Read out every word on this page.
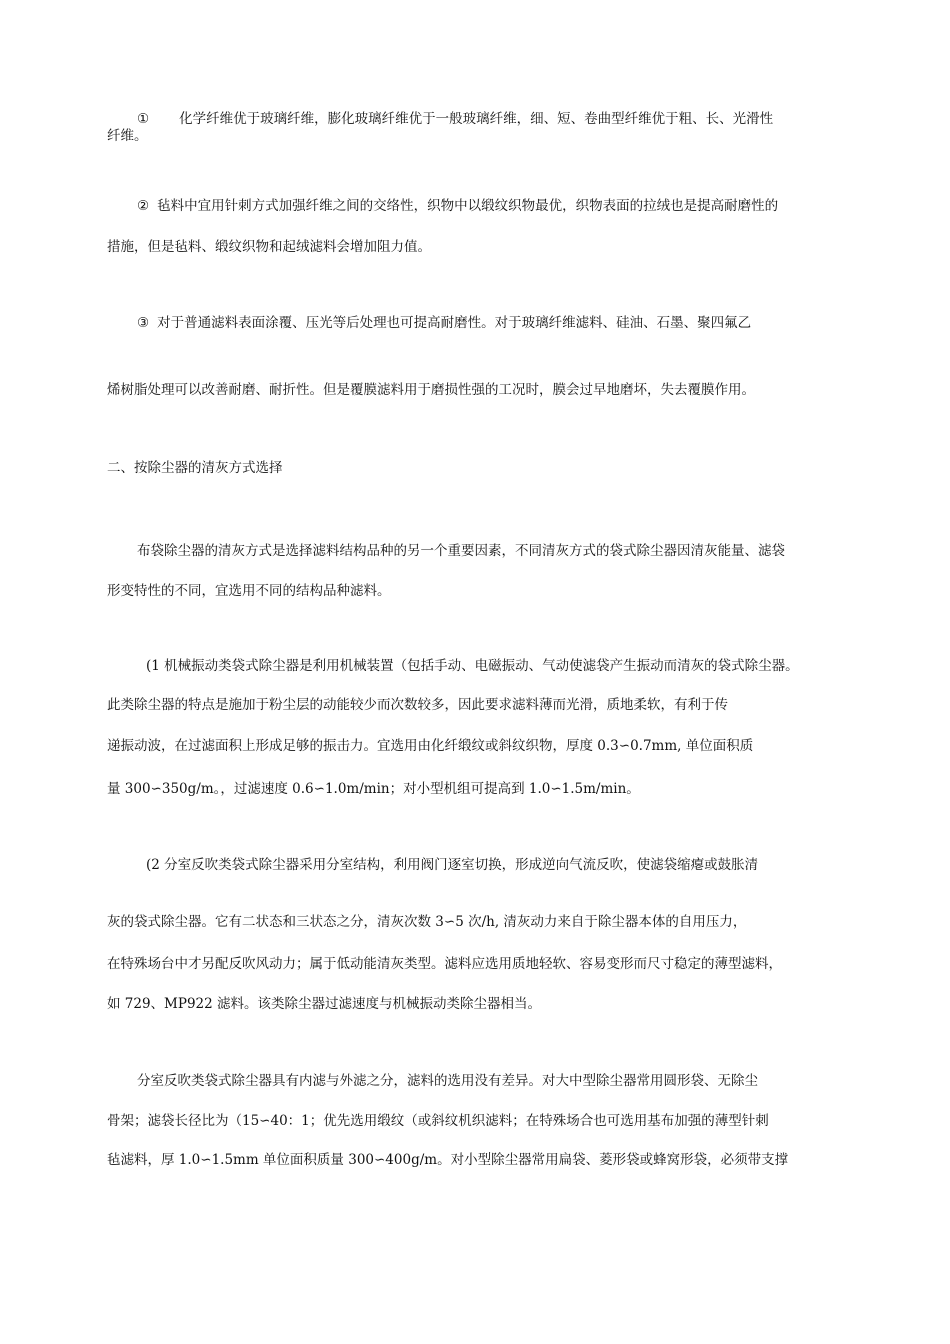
① 化学纤维优于玻璃纤维，膨化玻璃纤维优于一般玻璃纤维，细、短、卷曲型纤维优于粗、长、光滑性

纤维。

② 毡料中宜用针刺方式加强纤维之间的交络性，织物中以缎纹织物最优，织物表面的拉绒也是提高耐磨性的

措施，但是毡料、缎纹织物和起绒滤料会增加阻力值。

③ 对于普通滤料表面涂覆、压光等后处理也可提高耐磨性。对于玻璃纤维滤料、硅油、石墨、聚四氟乙

烯树脂处理可以改善耐磨、耐折性。但是覆膜滤料用于磨损性强的工况时，膜会过早地磨坏，失去覆膜作用。

二、按除尘器的清灰方式选择

布袋除尘器的清灰方式是选择滤料结构品种的另一个重要因素，不同清灰方式的袋式除尘器因清灰能量、滤袋

形变特性的不同，宜选用不同的结构品种滤料。

(1 机械振动类袋式除尘器是利用机械装置（包括手动、电磁振动、气动使滤袋产生振动而清灰的袋式除尘器。

此类除尘器的特点是施加于粉尘层的动能较少而次数较多，因此要求滤料薄而光滑，质地柔软，有利于传

递振动波，在过滤面积上形成足够的振击力。宜选用由化纤缎纹或斜纹织物，厚度 0.3∽0.7mm, 单位面积质

量 300∽350g/m。，过滤速度 0.6∽1.0m/min；对小型机组可提高到 1.0∽1.5m/min。

(2 分室反吹类袋式除尘器采用分室结构，利用阀门逐室切换，形成逆向气流反吹，使滤袋缩瘪或鼓胀清

灰的袋式除尘器。它有二状态和三状态之分，清灰次数 3∽5 次/h, 清灰动力来自于除尘器本体的自用压力，

在特殊场台中才另配反吹风动力；属于低动能清灰类型。滤料应选用质地轻软、容易变形而尺寸稳定的薄型滤料，

如 729、MP922 滤料。该类除尘器过滤速度与机械振动类除尘器相当。

分室反吹类袋式除尘器具有内滤与外滤之分，滤料的选用没有差异。对大中型除尘器常用圆形袋、无除尘

骨架；滤袋长径比为（15∽40：1；优先选用缎纹（或斜纹机织滤料；在特殊场合也可选用基布加强的薄型针刺

毡滤料，厚 1.0∽1.5mm 单位面积质量 300∽400g/m。对小型除尘器常用扁袋、菱形袋或蜂窝形袋，必须带支撑
